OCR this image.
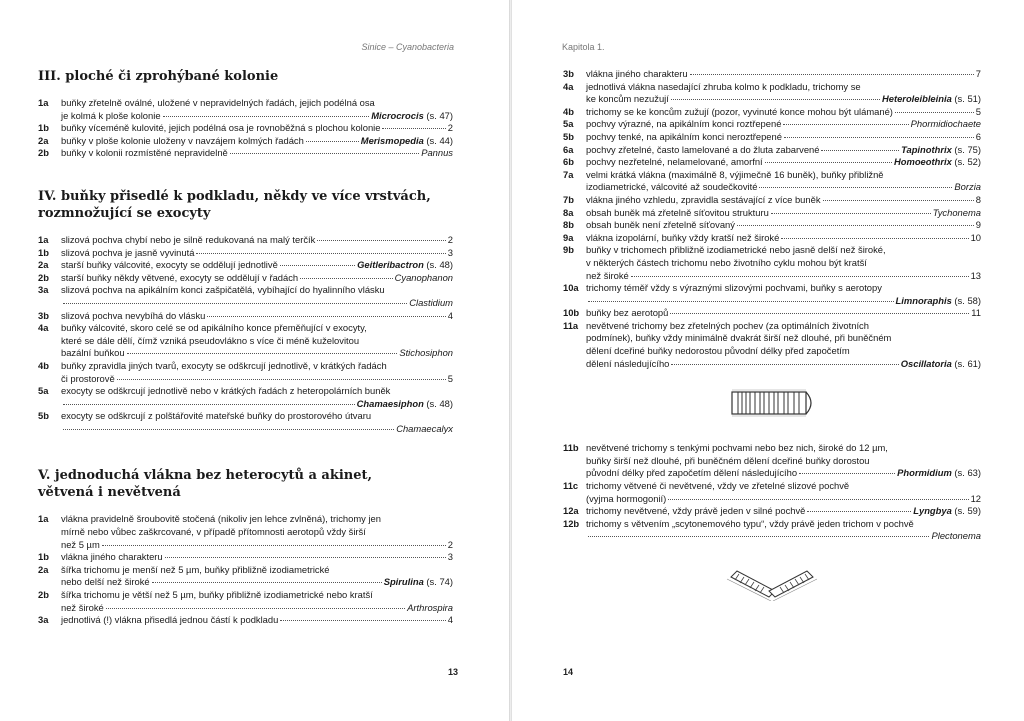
Sinice – Cyanobacteria
III. ploché či zprohýbané kolonie
1a	buňky zřetelně oválné, uložené v nepravidelných řadách, jejich podélná osa
je kolmá k ploše kolonie	Microcrocis (s. 47)
1b	buňky víceméně kulovité, jejich podélná osa je rovnoběžná s plochou kolonie	2
2a	buňky v ploše kolonie uloženy v navzájem kolmých řadách	Merismopedia (s. 44)
2b	buňky v kolonii rozmístěné nepravidelně	Pannus
IV. buňky přisedlé k podkladu, někdy ve více vrstvách,
rozmnožující se exocyty
1a	slizová pochva chybí nebo je silně redukovaná na malý terčík	2
1b	slizová pochva je jasně vyvinutá	3
2a	starší buňky válcovité, exocyty se oddělují jednotlivě	Geitleribactron (s. 48)
2b	starší buňky někdy větvené, exocyty se oddělují v řadách	Cyanophanon
3a	slizová pochva na apikálním konci zašpičatělá, vybíhající do hyalinního vlásku
Clastidium
3b	slizová pochva nevybíhá do vlásku	4
4a	buňky válcovité, skoro celé se od apikálního konce přeměňující v exocyty,
které se dále dělí, čímž vzniká pseudovlákno s více či méně kuželovitou
bazální buňkou	Stichosiphon
4b	buňky zpravidla jiných tvarů, exocyty se odškrcují jednotlivě, v krátkých řadách
či prostorově	5
5a	exocyty se odškrcují jednotlivě nebo v krátkých řadách z heteropolárních buněk
Chamaesiphon (s. 48)
5b	exocyty se odškrcují z polštářovité mateřské buňky do prostorového útvaru
Chamaecalyx
V. jednoduchá vlákna bez heterocytů a akinet,
větvená i nevětvená
1a	vlákna pravidelně šroubovitě stočená (nikoliv jen lehce zvlněná), trichomy jen
mírně nebo vůbec zaškrcované, v případě přítomnosti aerotopů vždy širší
než 5 µm	2
1b	vlákna jiného charakteru	3
2a	šířka trichomu je menší než 5 µm, buňky přibližně izodiametrické
nebo delší než široké	Spirulina (s. 74)
2b	šířka trichomu je větší než 5 µm, buňky přibližně izodiametrické nebo kratší
než široké	Arthrospira
3a	jednotlivá (!) vlákna přisedlá jednou částí k podkladu	4
13
Kapitola 1.
3b	vlákna jiného charakteru	7
4a	jednotlivá vlákna nasedající zhruba kolmo k podkladu, trichomy se
ke koncům nezužují	Heteroleibleinia (s. 51)
4b	trichomy se ke koncům zužují (pozor, vyvinuté konce mohou být ulámané)	5
5a	pochvy výrazné, na apikálním konci roztřepené	Phormidiochaete
5b	pochvy tenké, na apikálním konci neroztřepené	6
6a	pochvy zřetelné, často lamelované a do žluta zabarvené	Tapinothrix (s. 75)
6b	pochvy nezřetelné, nelamelované, amorfní	Homoeothrix (s. 52)
7a	velmi krátká vlákna (maximálně 8, výjimečně 16 buněk), buňky přibližně
izodiametrické, válcovité až soudečkovité	Borzia
7b	vlákna jiného vzhledu, zpravidla sestávající z více buněk	8
8a	obsah buněk má zřetelně síťovitou strukturu	Tychonema
8b	obsah buněk není zřetelně síťovaný	9
9a	vlákna izopolární, buňky vždy kratší než široké	10
9b	buňky v trichomech přibližně izodiametrické nebo jasně delší než široké,
v některých částech trichomu nebo životního cyklu mohou být kratší
než široké	13
10a trichomy téměř vždy s výraznými slizovými pochvami, buňky s aerotopy
Limnoraphis (s. 58)
10b buňky bez aerotopů	11
11a nevětvené trichomy bez zřetelných pochev (za optimálních životních
podmínek), buňky vždy minimálně dvakrát širší než dlouhé, při buněčném
dělení dceřiné buňky nedorostou původní délky před započetím
dělení následujícího	Oscillatoria (s. 61)
11b nevětvené trichomy s tenkými pochvami nebo bez nich, široké do 12 µm,
buňky širší než dlouhé, při buněčném dělení dceřiné buňky dorostou
původní délky před započetím dělení následujícího	Phormidium (s. 63)
11c trichomy větvené či nevětvené, vždy ve zřetelné slizové pochvě
(vyjma hormogonií)	12
12a trichomy nevětvené, vždy právě jeden v silné pochvě	Lyngbya (s. 59)
12b trichomy s větvením „scytonemového typu“, vždy právě jeden trichom v pochvě
Plectonema
14
